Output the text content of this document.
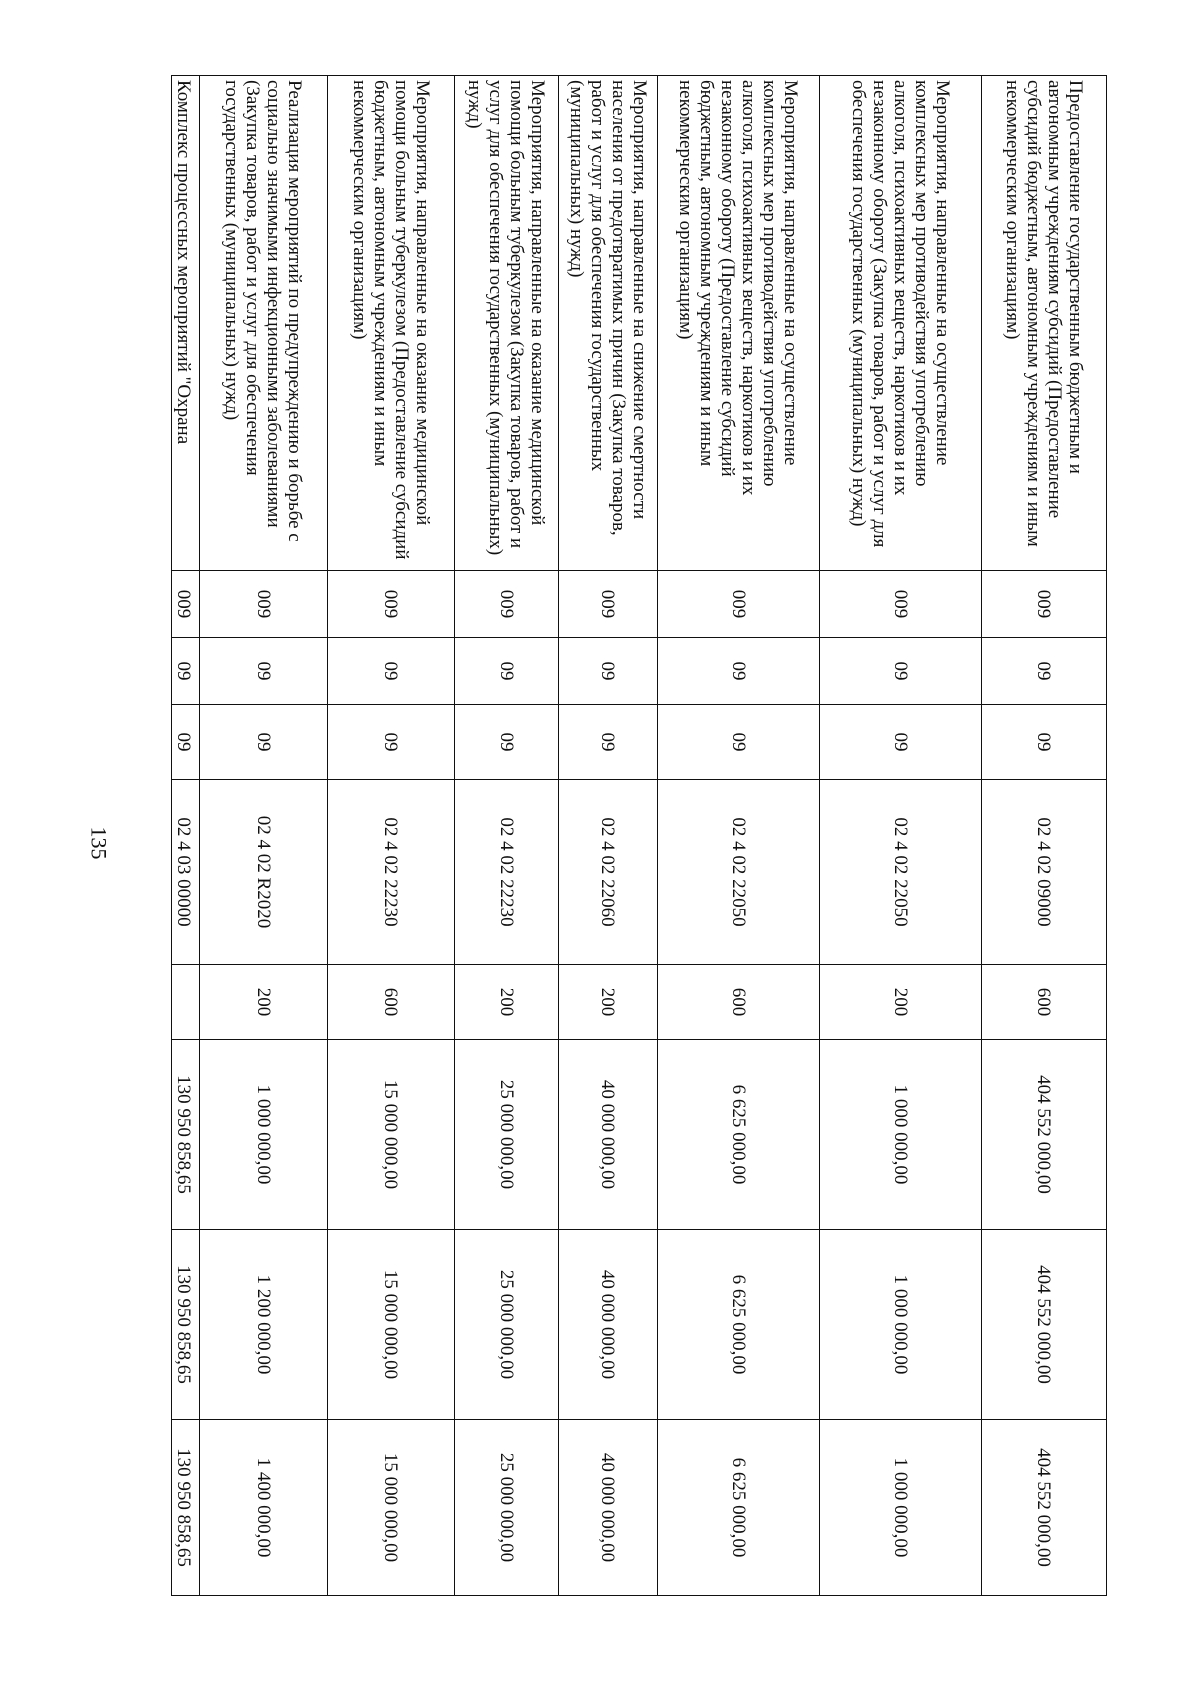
135
Предоставление государственным бюджетным и автономным учреждениям субсидий (Предоставление субсидий бюджетным, автономным учреждениям и иным некоммерческим организациям)	009	09	09	02 4 02 09000	600	404 552 000,00	404 552 000,00	404 552 000,00
Мероприятия, направленные на осуществление комплексных мер противодействия употреблению алкоголя, психоактивных веществ, наркотиков и их незаконному обороту (Закупка товаров, работ и услуг для обеспечения государственных (муниципальных) нужд)	009	09	09	02 4 02 22050	200	1 000 000,00	1 000 000,00	1 000 000,00
Мероприятия, направленные на осуществление комплексных мер противодействия употреблению алкоголя, психоактивных веществ, наркотиков и их незаконному обороту (Предоставление субсидий бюджетным, автономным учреждениям и иным некоммерческим организациям)	009	09	09	02 4 02 22050	600	6 625 000,00	6 625 000,00	6 625 000,00
Мероприятия, направленные на снижение смертности населения от предотвратимых причин (Закупка товаров, работ и услуг для обеспечения государственных (муниципальных) нужд)	009	09	09	02 4 02 22060	200	40 000 000,00	40 000 000,00	40 000 000,00
Мероприятия, направленные на оказание медицинской помощи больным туберкулезом (Закупка товаров, работ и услуг для обеспечения государственных (муниципальных) нужд)	009	09	09	02 4 02 22230	200	25 000 000,00	25 000 000,00	25 000 000,00
Мероприятия, направленные на оказание медицинской помощи больным туберкулезом (Предоставление субсидий бюджетным, автономным учреждениям и иным некоммерческим организациям)	009	09	09	02 4 02 22230	600	15 000 000,00	15 000 000,00	15 000 000,00
Реализация мероприятий по предупреждению и борьбе с социально значимыми инфекционными заболеваниями (Закупка товаров, работ и услуг для обеспечения государственных (муниципальных) нужд)	009	09	09	02 4 02 R2020	200	1 000 000,00	1 200 000,00	1 400 000,00
Комплекс процессных мероприятий "Охрана	009	09	09	02 4 03 00000		130 950 858,65	130 950 858,65	130 950 858,65
